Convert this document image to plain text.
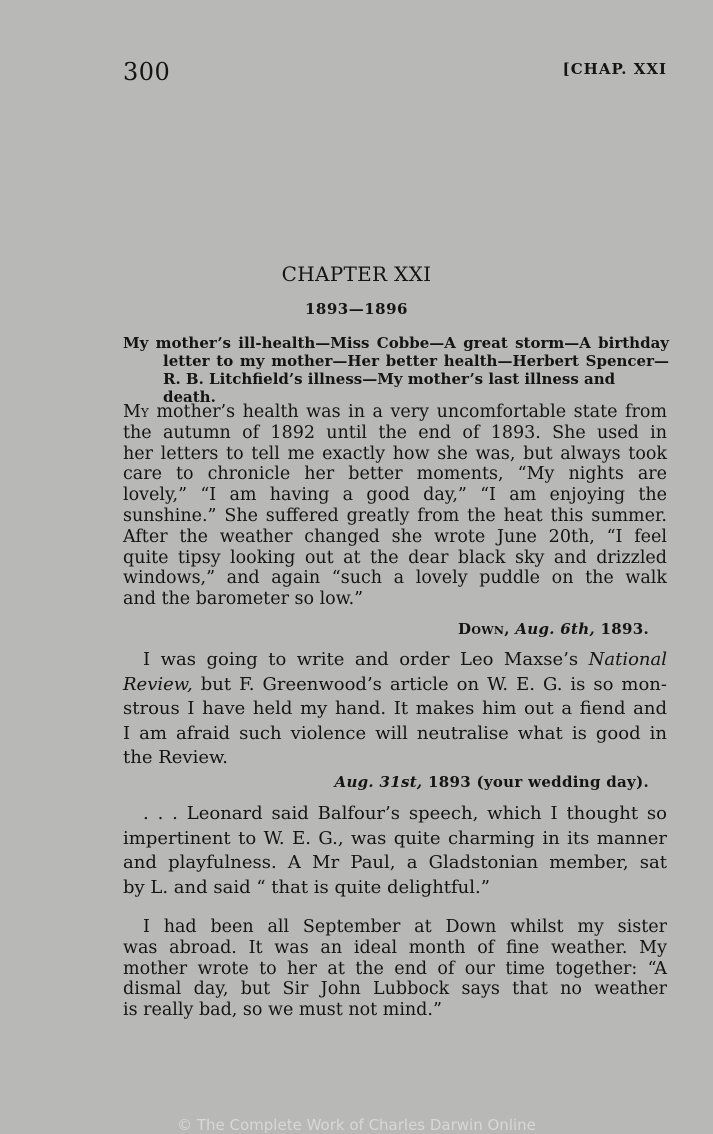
300	[CHAP. XXI
CHAPTER XXI
1893—1896
My mother’s ill-health—Miss Cobbe—A great storm—A birthday
letter to my mother—Her better health—Herbert Spencer—
R. B. Litchfield’s illness—My mother’s last illness and death.
My mother’s health was in a very uncomfortable state from
the autumn of 1892 until the end of 1893. She used in
her letters to tell me exactly how she was, but always took
care to chronicle her better moments, “My nights are
lovely,” “I am having a good day,” “I am enjoying the
sunshine.” She suffered greatly from the heat this summer.
After the weather changed she wrote June 20th, “I feel
quite tipsy looking out at the dear black sky and drizzled
windows,” and again “such a lovely puddle on the walk
and the barometer so low.”
Down, Aug. 6th, 1893.
I was going to write and order Leo Maxse’s National
Review, but F. Greenwood’s article on W. E. G. is so mon-
strous I have held my hand. It makes him out a fiend and
I am afraid such violence will neutralise what is good in
the Review.
Aug. 31st, 1893 (your wedding day).
. . . Leonard said Balfour’s speech, which I thought so
impertinent to W. E. G., was quite charming in its manner
and playfulness. A Mr Paul, a Gladstonian member, sat
by L. and said “ that is quite delightful.”
I had been all September at Down whilst my sister
was abroad. It was an ideal month of fine weather. My
mother wrote to her at the end of our time together: “A
dismal day, but Sir John Lubbock says that no weather
is really bad, so we must not mind.”
© The Complete Work of Charles Darwin Online
